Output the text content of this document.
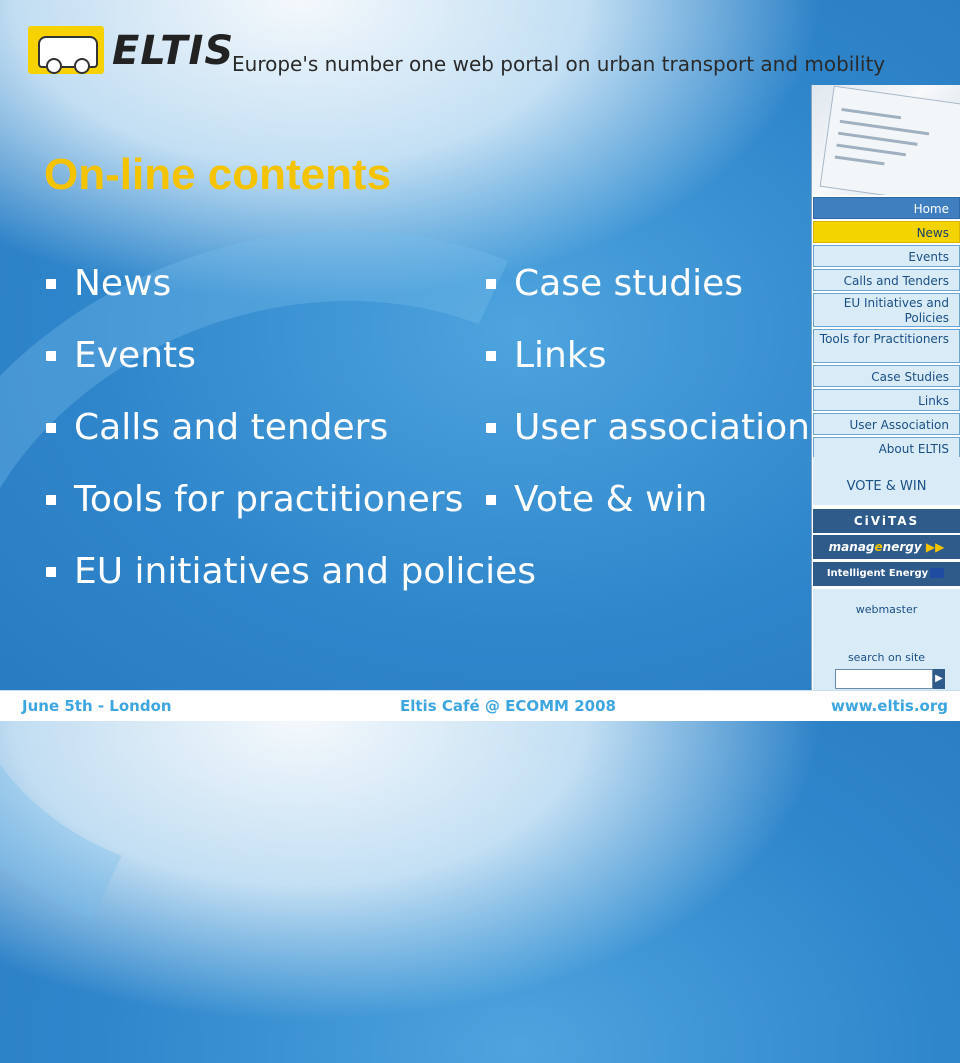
ELTIS
Europe's number one web portal on urban transport and mobility
On-line contents
News
Events
Calls and tenders
Tools for practitioners
EU initiatives and policies
Case studies
Links
User association
Vote & win
Home
News
Events
Calls and Tenders
EU Initiatives and Policies
Tools for Practitioners
Case Studies
Links
User Association
About ELTIS
VOTE & WIN
CiViTAS
managenergy ▶▶
Intelligent Energy
webmaster
search on site
▶
June 5th - London	Eltis Café @ ECOMM 2008	www.eltis.org
